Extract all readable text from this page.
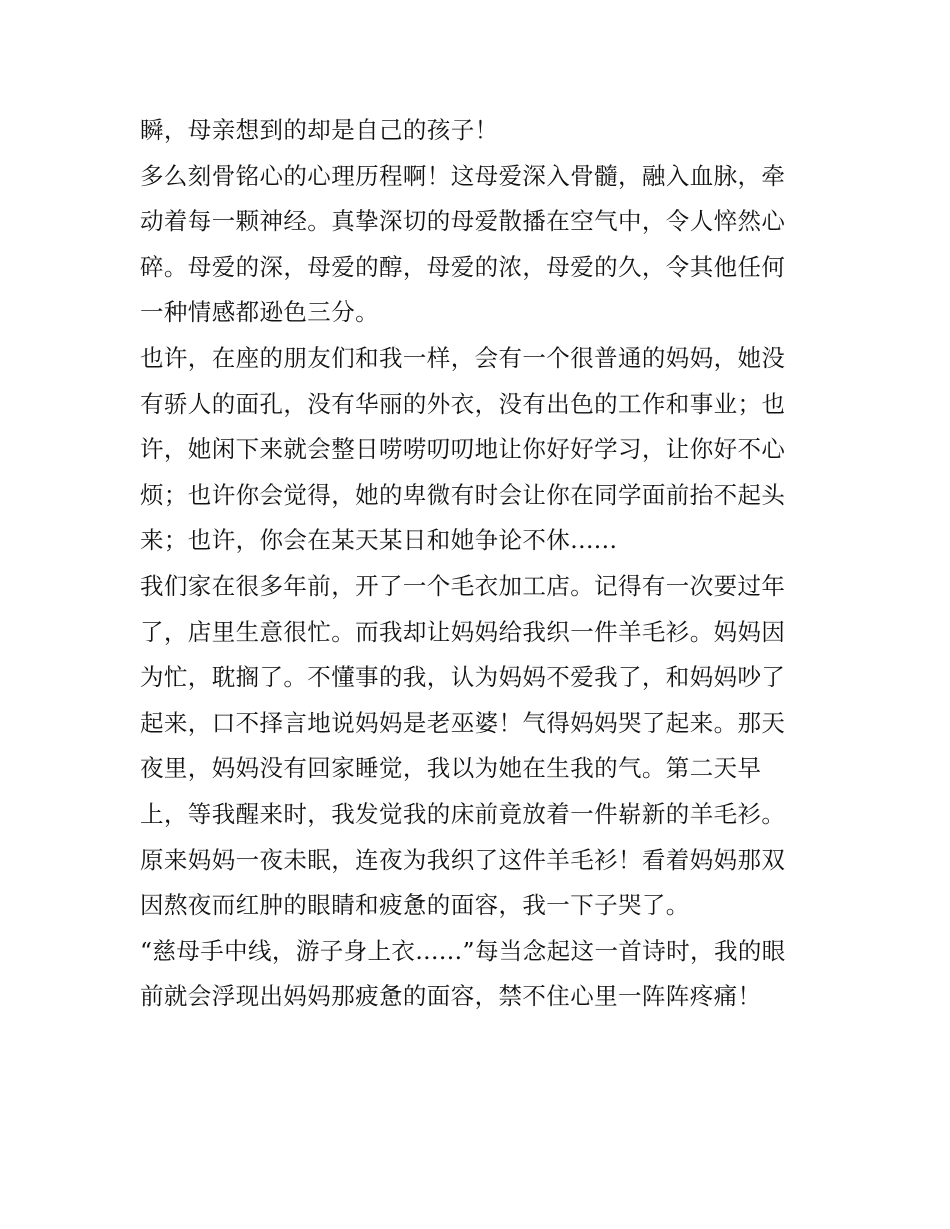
瞬，母亲想到的却是自己的孩子！
多么刻骨铭心的心理历程啊！这母爱深入骨髓，融入血脉，牵
动着每一颗神经。真挚深切的母爱散播在空气中，令人悴然心
碎。母爱的深，母爱的醇，母爱的浓，母爱的久，令其他任何
一种情感都逊色三分。
也许，在座的朋友们和我一样，会有一个很普通的妈妈，她没
有骄人的面孔，没有华丽的外衣，没有出色的工作和事业；也
许，她闲下来就会整日唠唠叨叨地让你好好学习，让你好不心
烦；也许你会觉得，她的卑微有时会让你在同学面前抬不起头
来；也许，你会在某天某日和她争论不休......
我们家在很多年前，开了一个毛衣加工店。记得有一次要过年
了，店里生意很忙。而我却让妈妈给我织一件羊毛衫。妈妈因
为忙，耽搁了。不懂事的我，认为妈妈不爱我了，和妈妈吵了
起来，口不择言地说妈妈是老巫婆！气得妈妈哭了起来。那天
夜里，妈妈没有回家睡觉，我以为她在生我的气。第二天早
上，等我醒来时，我发觉我的床前竟放着一件崭新的羊毛衫。
原来妈妈一夜未眠，连夜为我织了这件羊毛衫！看着妈妈那双
因熬夜而红肿的眼睛和疲惫的面容，我一下子哭了。
“慈母手中线，游子身上衣......”每当念起这一首诗时，我的眼
前就会浮现出妈妈那疲惫的面容，禁不住心里一阵阵疼痛！
